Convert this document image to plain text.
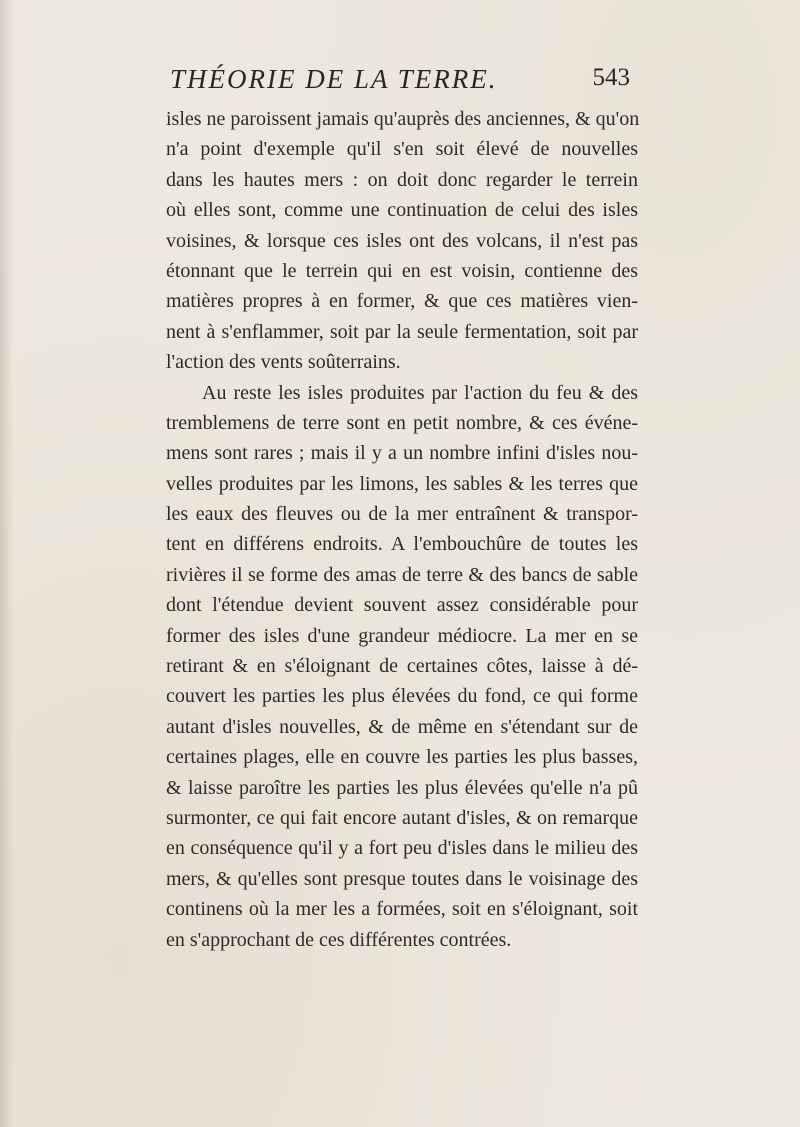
THÉORIE DE LA TERRE.	543
isles ne paroissent jamais qu'auprès des anciennes, & qu'on
n'a point d'exemple qu'il s'en soit élevé de nouvelles
dans les hautes mers : on doit donc regarder le terrein
où elles sont, comme une continuation de celui des isles
voisines, & lorsque ces isles ont des volcans, il n'est pas
étonnant que le terrein qui en est voisin, contienne des
matières propres à en former, & que ces matières vien-
nent à s'enflammer, soit par la seule fermentation, soit par
l'action des vents soûterrains.
Au reste les isles produites par l'action du feu & des
tremblemens de terre sont en petit nombre, & ces événe-
mens sont rares ; mais il y a un nombre infini d'isles nou-
velles produites par les limons, les sables & les terres que
les eaux des fleuves ou de la mer entraînent & transpor-
tent en différens endroits. A l'embouchûre de toutes les
rivières il se forme des amas de terre & des bancs de sable
dont l'étendue devient souvent assez considérable pour
former des isles d'une grandeur médiocre. La mer en se
retirant & en s'éloignant de certaines côtes, laisse à dé-
couvert les parties les plus élevées du fond, ce qui forme
autant d'isles nouvelles, & de même en s'étendant sur de
certaines plages, elle en couvre les parties les plus basses,
& laisse paroître les parties les plus élevées qu'elle n'a pû
surmonter, ce qui fait encore autant d'isles, & on remarque
en conséquence qu'il y a fort peu d'isles dans le milieu des
mers, & qu'elles sont presque toutes dans le voisinage des
continens où la mer les a formées, soit en s'éloignant, soit
en s'approchant de ces différentes contrées.
